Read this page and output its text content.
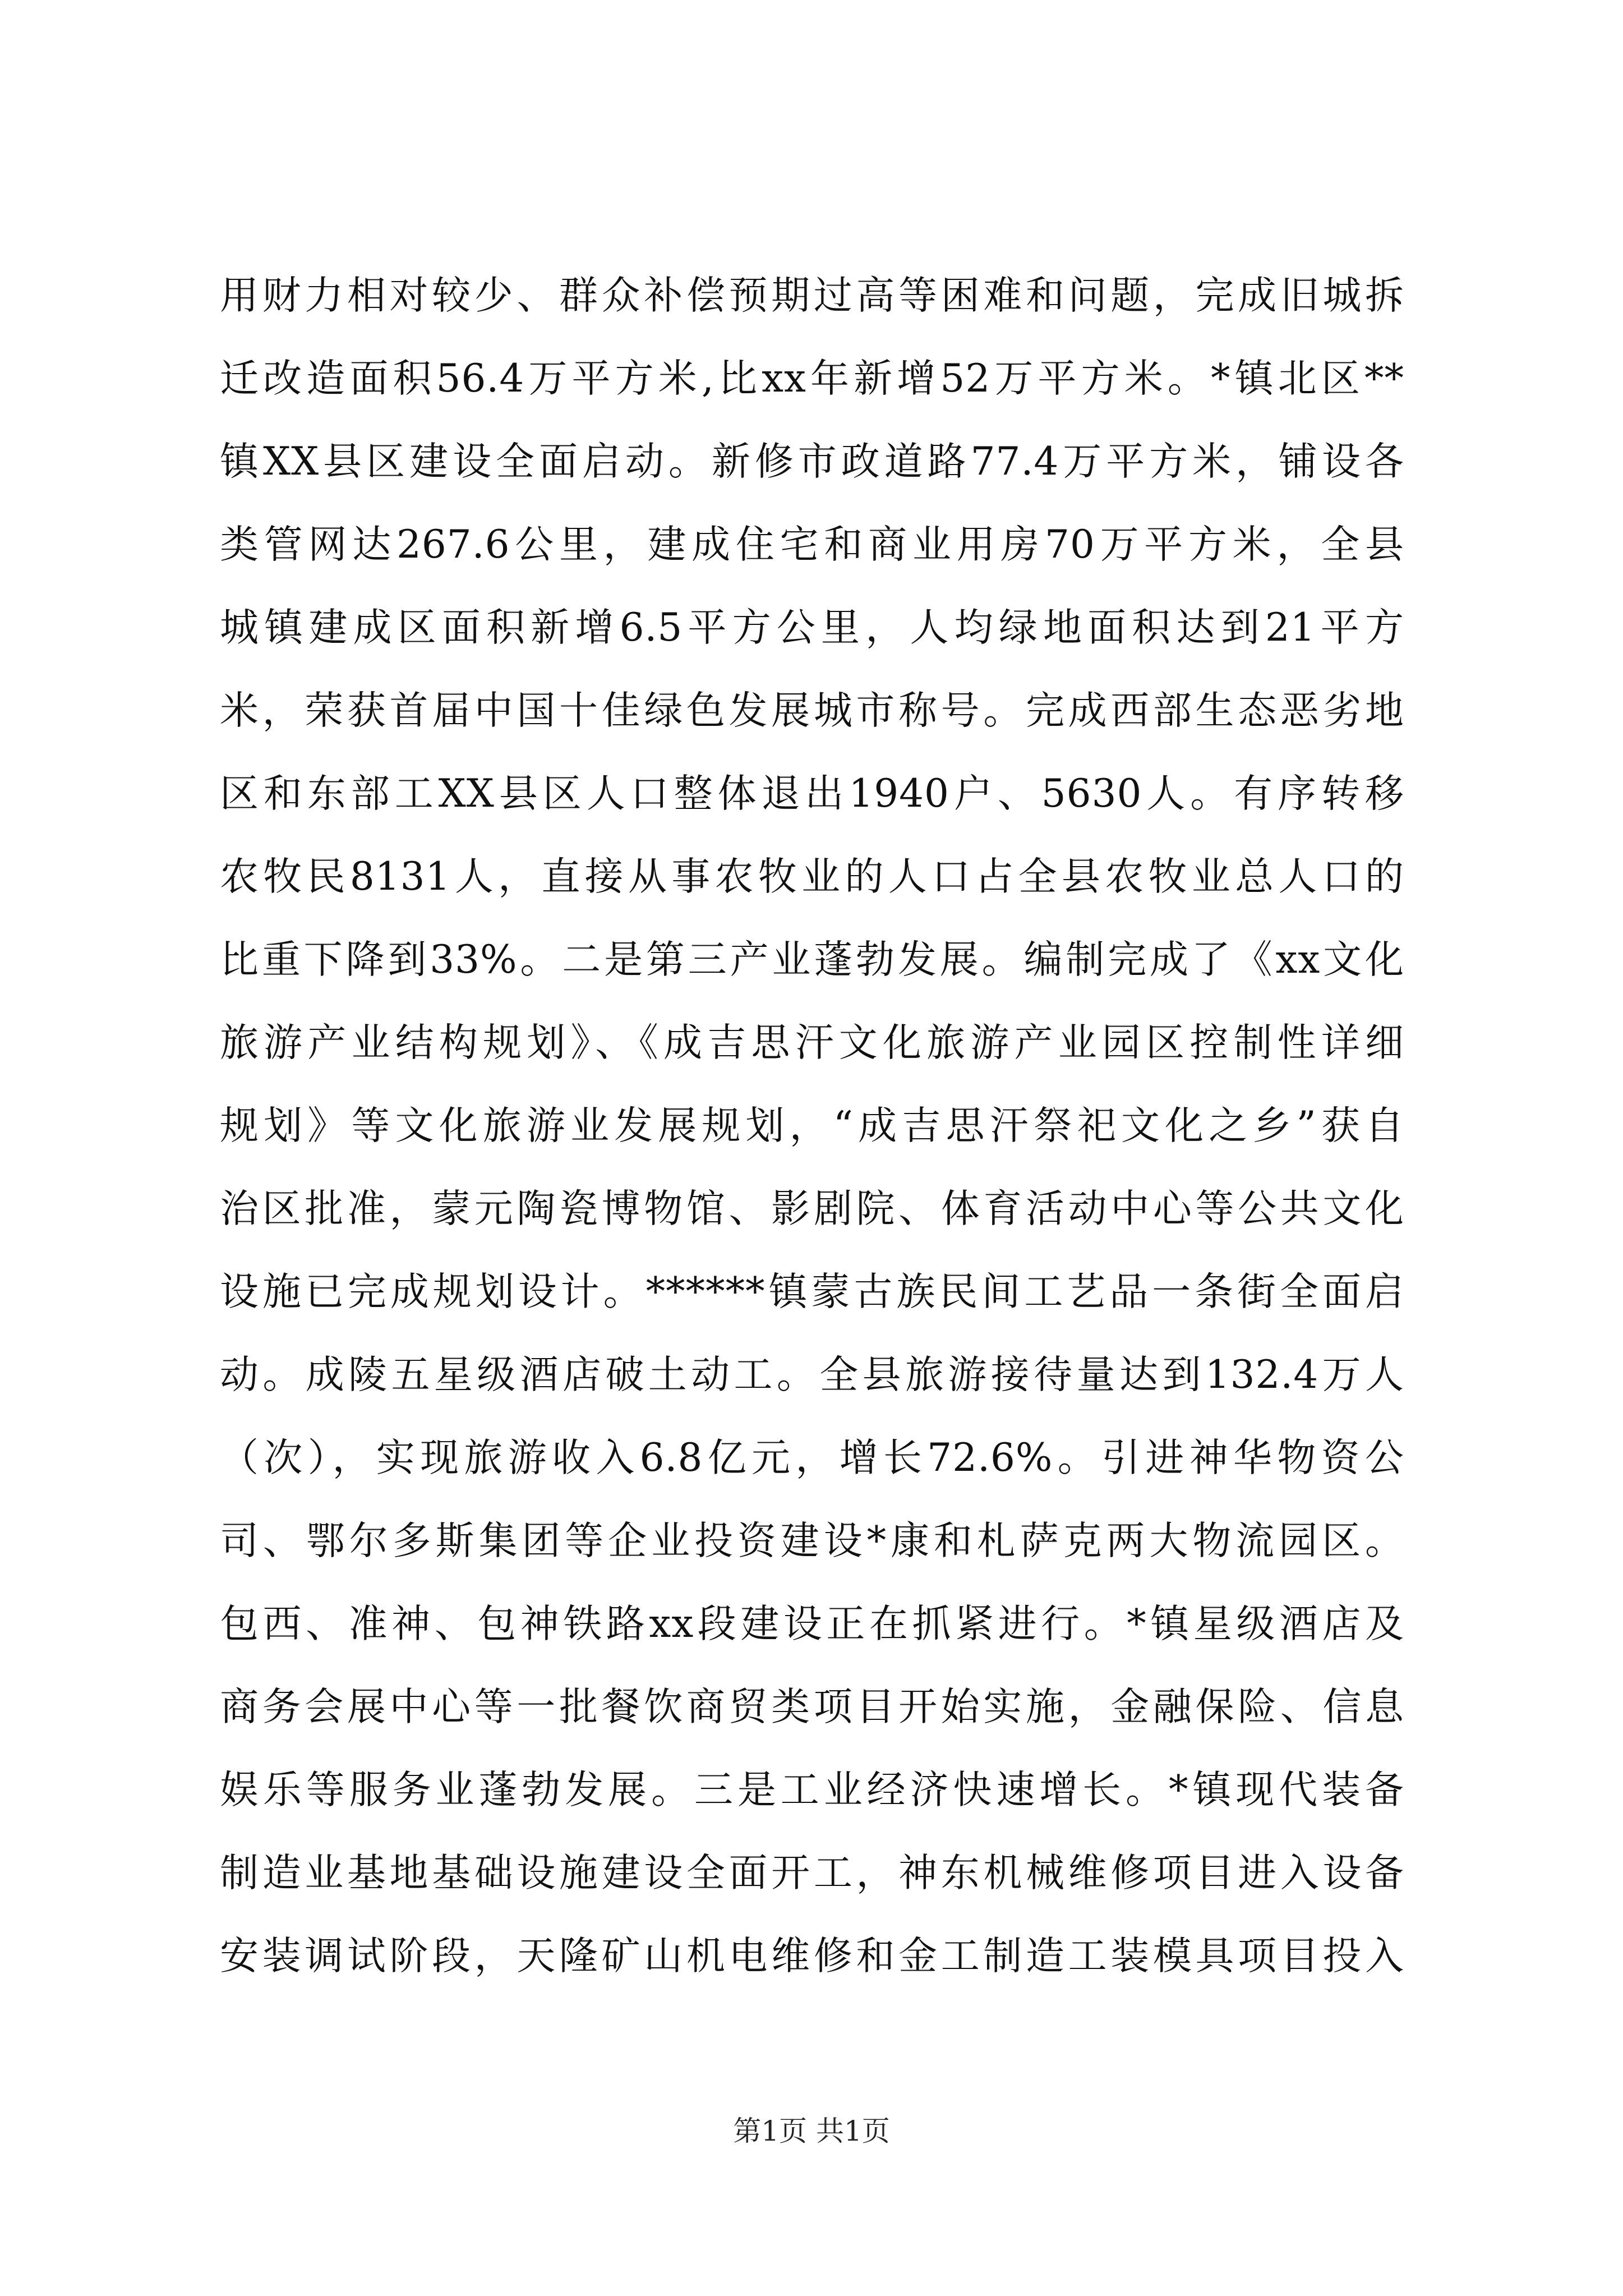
用财力相对较少、群众补偿预期过高等困难和问题，完成旧城拆
迁改造面积56.4万平方米,比xx年新增52万平方米。*镇北区**
镇XX县区建设全面启动。新修市政道路77.4万平方米，铺设各
类管网达267.6公里，建成住宅和商业用房70万平方米，全县
城镇建成区面积新增6.5平方公里，人均绿地面积达到21平方
米，荣获首届中国十佳绿色发展城市称号。完成西部生态恶劣地
区和东部工XX县区人口整体退出1940户、5630人。有序转移
农牧民8131人，直接从事农牧业的人口占全县农牧业总人口的
比重下降到33%。二是第三产业蓬勃发展。编制完成了《xx文化
旅游产业结构规划》、《成吉思汗文化旅游产业园区控制性详细
规划》等文化旅游业发展规划，“成吉思汗祭祀文化之乡”获自
治区批准，蒙元陶瓷博物馆、影剧院、体育活动中心等公共文化
设施已完成规划设计。******镇蒙古族民间工艺品一条街全面启
动。成陵五星级酒店破土动工。全县旅游接待量达到132.4万人
（次），实现旅游收入6.8亿元，增长72.6%。引进神华物资公
司、鄂尔多斯集团等企业投资建设*康和札萨克两大物流园区。
包西、准神、包神铁路xx段建设正在抓紧进行。*镇星级酒店及
商务会展中心等一批餐饮商贸类项目开始实施，金融保险、信息
娱乐等服务业蓬勃发展。三是工业经济快速增长。*镇现代装备
制造业基地基础设施建设全面开工，神东机械维修项目进入设备
安装调试阶段，天隆矿山机电维修和金工制造工装模具项目投入
第1页 共1页
